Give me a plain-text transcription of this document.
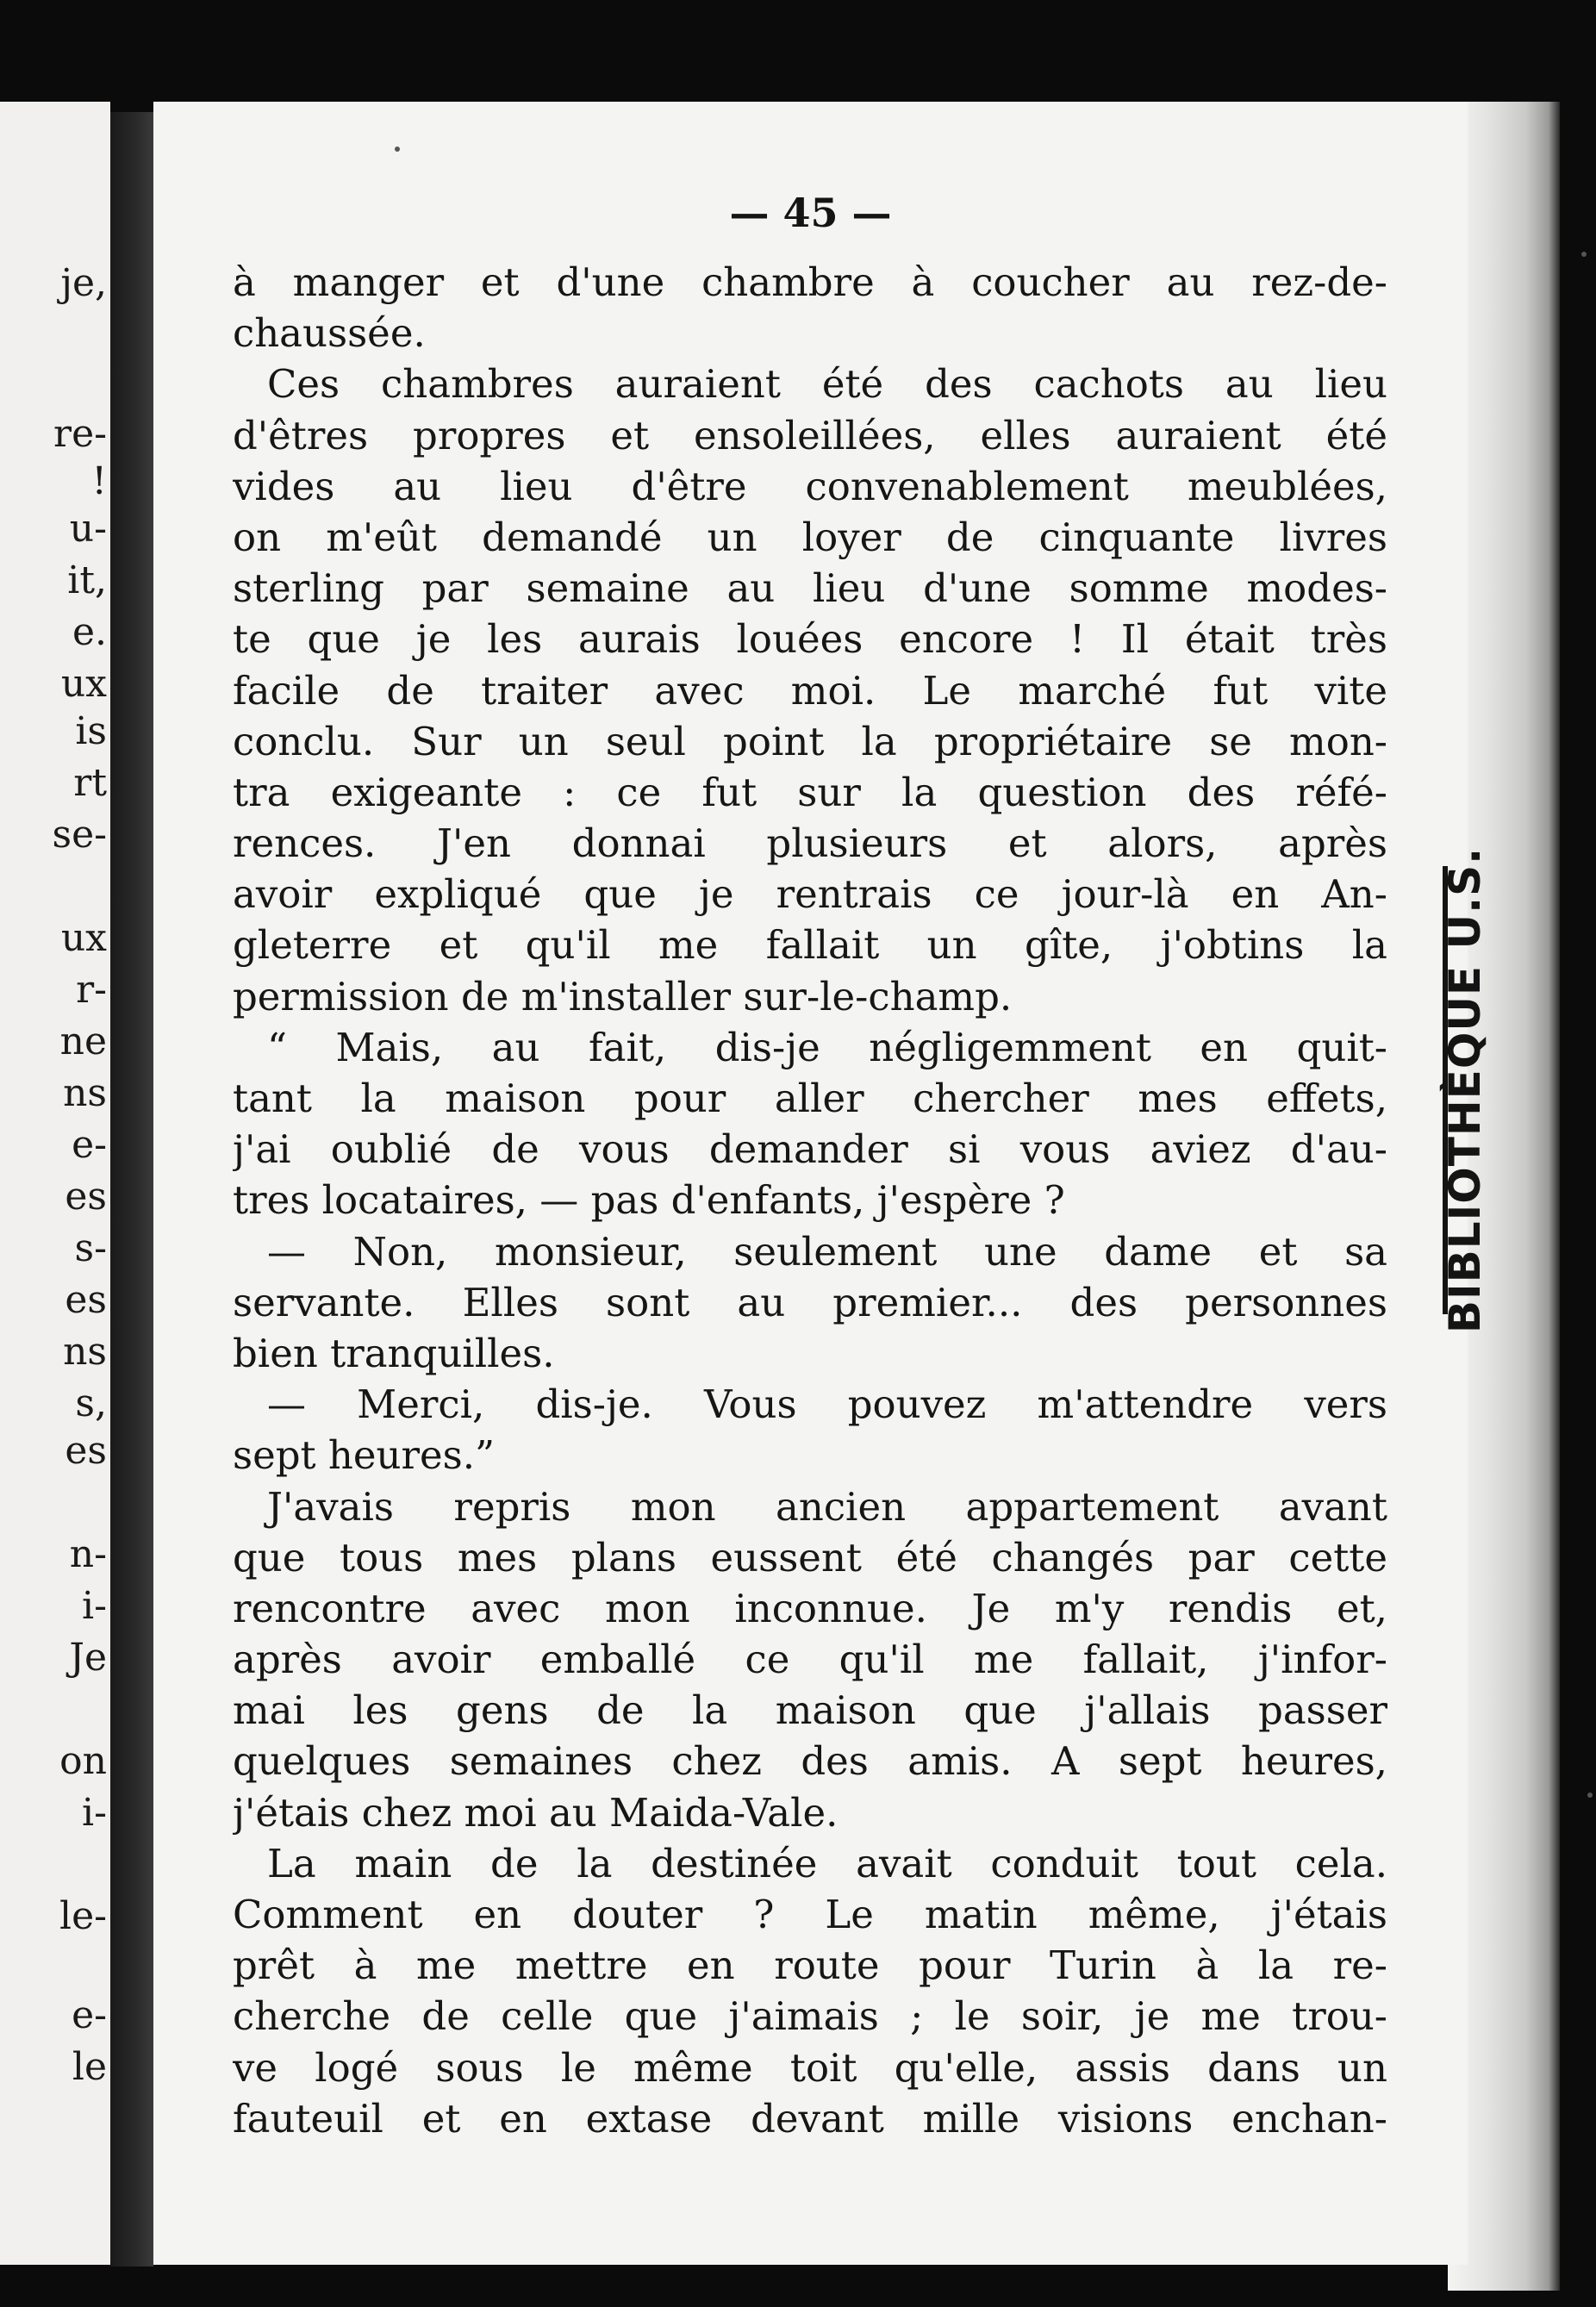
je,
re-
!
u-
it,
e.
ux
is
rt
se-
ux
r-
ne
ns
e-
es
s-
es
ns
s,
es
n-
i-
Je
on
i-
le-
e-
le
— 45 —
à manger et d'une chambre à coucher au rez-de-
chaussée.
Ces chambres auraient été des cachots au lieu
d'êtres propres et ensoleillées, elles auraient été
vides au lieu d'être convenablement meublées,
on m'eût demandé un loyer de cinquante livres
sterling par semaine au lieu d'une somme modes-
te que je les aurais louées encore ! Il était très
facile de traiter avec moi. Le marché fut vite
conclu. Sur un seul point la propriétaire se mon-
tra exigeante : ce fut sur la question des réfé-
rences. J'en donnai plusieurs et alors, après
avoir expliqué que je rentrais ce jour-là en An-
gleterre et qu'il me fallait un gîte, j'obtins la
permission de m'installer sur-le-champ.
“ Mais, au fait, dis-je négligemment en quit-
tant la maison pour aller chercher mes effets,
j'ai oublié de vous demander si vous aviez d'au-
tres locataires, — pas d'enfants, j'espère ?
— Non, monsieur, seulement une dame et sa
servante. Elles sont au premier... des personnes
bien tranquilles.
— Merci, dis-je. Vous pouvez m'attendre vers
sept heures.”
J'avais repris mon ancien appartement avant
que tous mes plans eussent été changés par cette
rencontre avec mon inconnue. Je m'y rendis et,
après avoir emballé ce qu'il me fallait, j'infor-
mai les gens de la maison que j'allais passer
quelques semaines chez des amis. A sept heures,
j'étais chez moi au Maida-Vale.
La main de la destinée avait conduit tout cela.
Comment en douter ? Le matin même, j'étais
prêt à me mettre en route pour Turin à la re-
cherche de celle que j'aimais ; le soir, je me trou-
ve logé sous le même toit qu'elle, assis dans un
fauteuil et en extase devant mille visions enchan-
BIBLIOTHÈQUE U.S.
